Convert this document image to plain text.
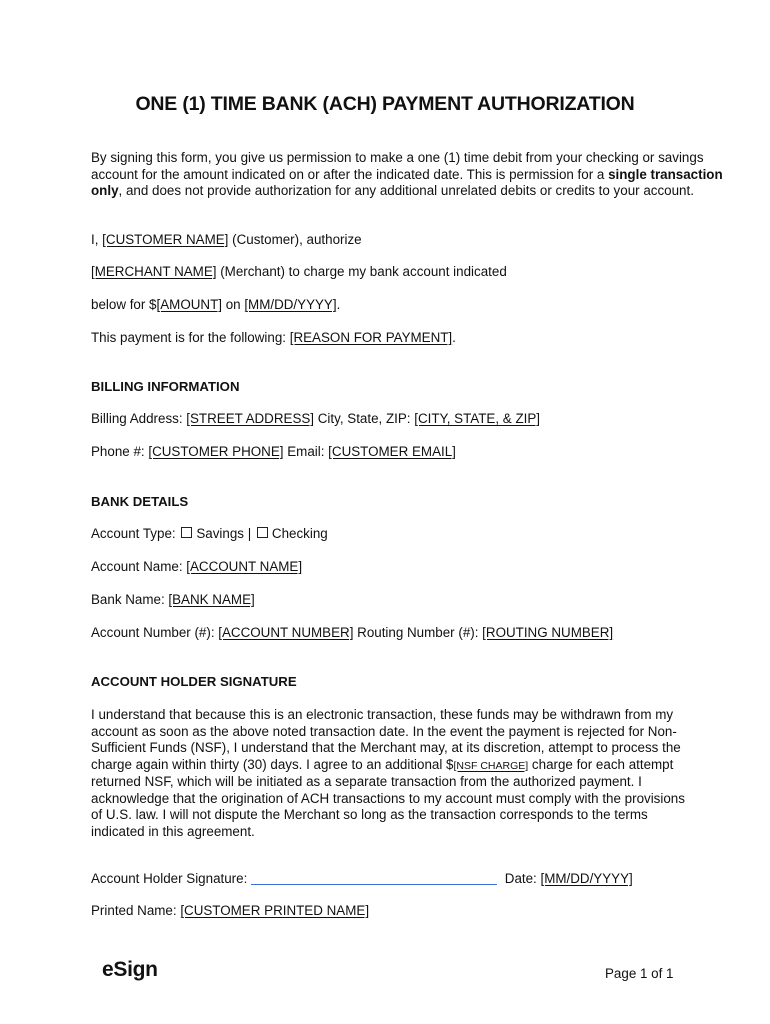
ONE (1) TIME BANK (ACH) PAYMENT AUTHORIZATION
By signing this form, you give us permission to make a one (1) time debit from your checking or savings account for the amount indicated on or after the indicated date. This is permission for a single transaction only, and does not provide authorization for any additional unrelated debits or credits to your account.
I, [CUSTOMER NAME] (Customer), authorize
[MERCHANT NAME] (Merchant) to charge my bank account indicated
below for $[AMOUNT] on [MM/DD/YYYY].
This payment is for the following: [REASON FOR PAYMENT].
BILLING INFORMATION
Billing Address: [STREET ADDRESS] City, State, ZIP: [CITY, STATE, & ZIP]
Phone #: [CUSTOMER PHONE] Email: [CUSTOMER EMAIL]
BANK DETAILS
Account Type: Savings | Checking
Account Name: [ACCOUNT NAME]
Bank Name: [BANK NAME]
Account Number (#): [ACCOUNT NUMBER] Routing Number (#): [ROUTING NUMBER]
ACCOUNT HOLDER SIGNATURE
I understand that because this is an electronic transaction, these funds may be withdrawn from my account as soon as the above noted transaction date. In the event the payment is rejected for Non-Sufficient Funds (NSF), I understand that the Merchant may, at its discretion, attempt to process the charge again within thirty (30) days. I agree to an additional $[NSF CHARGE] charge for each attempt returned NSF, which will be initiated as a separate transaction from the authorized payment. I acknowledge that the origination of ACH transactions to my account must comply with the provisions of U.S. law. I will not dispute the Merchant so long as the transaction corresponds to the terms indicated in this agreement.
Account Holder Signature:	Date: [MM/DD/YYYY]
Printed Name: [CUSTOMER PRINTED NAME]
eSign	Page 1 of 1
